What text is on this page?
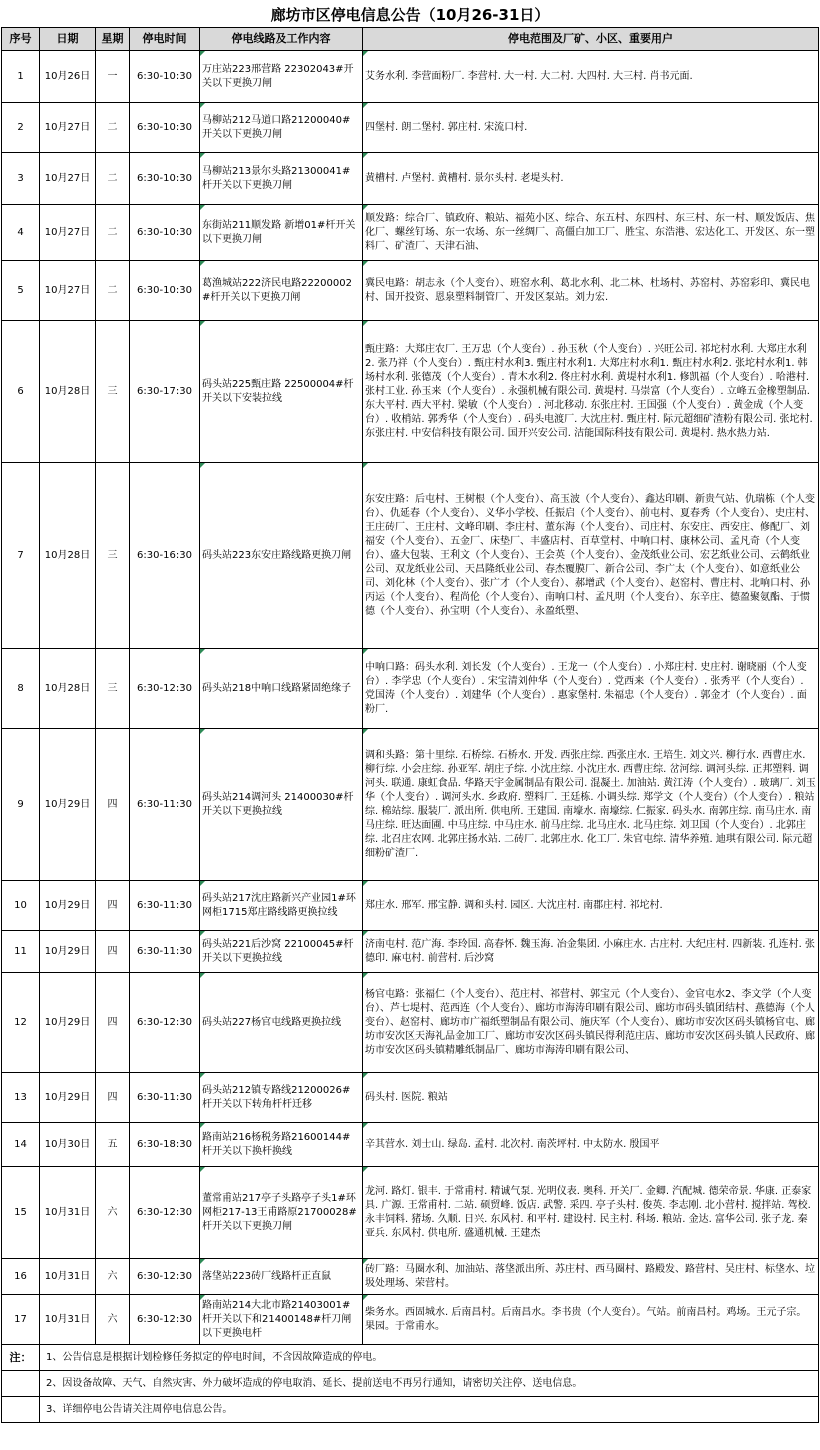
廊坊市区停电信息公告（10月26-31日）
序号	日期	星期	停电时间	停电线路及工作内容	停电范围及厂矿、小区、重要用户
1	10月26日	一	6:30-10:30	万庄站223邢营路 22302043#开关以下更换刀闸	艾务水利. 李营面粉厂. 李营村. 大一村. 大二村. 大四村. 大三村. 肖书元面.
2	10月27日	二	6:30-10:30	马柳站212马道口路21200040#开关以下更换刀闸	四堡村. 朗二堡村. 郭庄村. 宋流口村.
3	10月27日	二	6:30-10:30	马柳站213景尔头路21300041#杆开关以下更换刀闸	黄槽村. 卢堡村. 黄槽村. 景尔头村. 老堤头村.
4	10月27日	二	6:30-10:30	东街站211顺发路 新增01#杆开关以下更换刀闸	顺发路：综合厂、镇政府、粮站、福苑小区、综合、东五村、东四村、东三村、东一村、顺发饭店、焦化厂、螺丝钉场、东一农场、东一丝绸厂、高僵白加工厂、胜宝、东浩港、宏达化工、开发区、东一塑料厂、矿渣厂、天津石油、
5	10月27日	二	6:30-10:30	葛渔城站222济民电路22200002#杆开关以下更换刀闸	冀民电路：胡志永（个人变台）、班窑水利、葛北水利、北二林、杜场村、苏窑村、苏窑彩印、冀民电村、国开投资、恩泉塑料制管厂、开发区泵站。刘力宏.
6	10月28日	三	6:30-17:30	码头站225甄庄路 22500004#杆开关以下安装拉线	甄庄路：大郑庄农厂. 王万忠（个人变台）. 孙玉秋（个人变台）. 兴旺公司. 祁坨村水利. 大郑庄水利2. 张乃祥（个人变台）. 甄庄村水利3. 甄庄村水利1. 大郑庄村水利1. 甄庄村水利2. 张坨村水利1. 韩场村水利. 张德茂（个人变台）. 青木水利2. 佟庄村水利. 黄堤村水利1. 修凯福（个人变台）. 哈港村. 张村工业. 孙玉来（个人变台）. 永强机械有限公司. 黄堤村. 马崇富（个人变台）. 立峰五金橡塑制品. 东大平村. 西大平村. 梁敏（个人变台）. 河北移动. 东张庄村. 王国强（个人变台）. 黄金成（个人变台）. 收梢站. 郭秀华（个人变台）. 码头电渡厂. 大沈庄村. 甄庄村. 际元超细矿渣粉有限公司. 张坨村. 东张庄村. 中安信科技有限公司. 国开兴安公司. 洁能国际科技有限公司. 黄堤村. 热水热力站.
7	10月28日	三	6:30-16:30	码头站223东安庄路线路更换刀闸	东安庄路：后屯村、王树根（个人变台）、高玉波（个人变台）、鑫达印刷、新贵气站、仇瑞栋（个人变台）、仇延春（个人变台）、义华小学校、任振启（个人变台）、前屯村、夏春秀（个人变台）、史庄村、王庄砖厂、王庄村、文峰印刷、李庄村、董东海（个人变台）、司庄村、东安庄、西安庄、修配厂、刘福安（个人变台）、五金厂、床垫厂、丰盛店村、百草堂村、中响口村、康林公司、孟凡奇（个人变台）、盛大包装、王利文（个人变台）、王会英（个人变台）、金茂纸业公司、宏艺纸业公司、云鹤纸业公司、双龙纸业公司、天昌隆纸业公司、春杰覆膜厂、新合公司、李广太（个人变台）、如意纸业公司、刘化林（个人变台）、张广才（个人变台）、郝增武（个人变台）、赵窑村、曹庄村、北响口村、孙丙运（个人变台）、程尚伦（个人变台）、南响口村、孟凡明（个人变台）、东辛庄、德盈聚氨酯、于惯德（个人变台）、孙宝明（个人变台）、永盈纸塑、
8	10月28日	三	6:30-12:30	码头站218中响口线路紧固绝缘子	中响口路：码头水利. 刘长发（个人变台）. 王龙一（个人变台）. 小郑庄村. 史庄村. 谢晓丽（个人变台）. 李学忠（个人变台）. 宋宝清刘仲华（个人变台）. 党西来（个人变台）. 张秀平（个人变台）. 党国涛（个人变台）. 刘建华（个人变台）. 惠家堡村. 朱福忠（个人变台）. 郭金才（个人变台）. 面粉厂.
9	10月29日	四	6:30-11:30	码头站214调河头 21400030#杆开关以下更换拉线	调和头路：第十里综. 石桥综. 石桥水. 开发. 西张庄综. 西张庄水. 王培生. 刘文兴. 柳行水. 西曹庄水. 柳行综. 小会庄综. 孙亚军. 胡庄子综. 小沈庄综. 小沈庄水. 西曹庄综. 岔河综. 调河头综. 正邦塑料. 调河头. 联通. 康虹食品. 华路天宇金属制品有限公司. 混凝土. 加油站. 黄江涛（个人变台）. 玻璃厂. 刘玉华（个人变台）. 调河头水. 乡政府. 塑料厂. 王廷栋. 小调头综. 郑学文（个人变台）（个人变台）. 粮站综. 棉站综. 服装厂. 派出所. 供电所. 王建国. 南壕水. 南壕综. 仁振家. 码头水. 南郭庄综. 南马庄水. 南马庄综. 旺达面圃. 中马庄综. 中马庄水. 前马庄综. 北马庄水. 北马庄综. 刘卫国（个人变台）. 北郭庄综. 北召庄农网. 北郭庄扬水站. 二砖厂. 北郭庄水. 化工厂. 朱官屯综. 清华养殖. 迪琪有限公司. 际元超细粉矿渣厂.
10	10月29日	四	6:30-11:30	码头站217沈庄路新兴产业园1#环网柜1715郑庄路线路更换拉线	郑庄水. 邢军. 邢宝静. 调和头村. 园区. 大沈庄村. 南郡庄村. 祁坨村.
11	10月29日	四	6:30-11:30	码头站221后沙窝 22100045#杆开关以下更换拉线	济南屯村. 范广海. 李玲国. 高春怀. 魏玉海. 冶金集团. 小麻庄水. 古庄村. 大纪庄村. 四新装. 孔连村. 张德印. 麻屯村. 前营村. 后沙窝
12	10月29日	四	6:30-12:30	码头站227杨官屯线路更换拉线	杨官屯路：张福仁（个人变台）、范庄村、祁营村、郭宝元（个人变台）、金官屯水2、李文学（个人变台）、芦七堤村、范西连（个人变台）、廊坊市海涛印刷有限公司、廊坊市码头镇团结村、燕德海（个人变台）、赵窑村、廊坊市广福纸塑制品有限公司、施庆军（个人变台）、廊坊市安次区码头镇杨官屯、廊坊市安次区天海礼品金加工厂、廊坊市安次区码头镇民得利范庄店、廊坊市安次区码头镇人民政府、廊坊市安次区码头镇精雕纸制品厂、廊坊市海涛印刷有限公司、
13	10月29日	四	6:30-11:30	码头站212镇专路线21200026#杆开关以下转角杆杆迁移	码头村. 医院. 粮站
14	10月30日	五	6:30-18:30	路南站216杨税务路21600144#杆开关以下换杆换线	辛其营水. 刘士山. 绿岛. 孟村. 北次村. 南茨坪村. 中太防水. 殷国平
15	10月31日	六	6:30-12:30	董常甫站217亭子头路亭子头1#环网柜217-13王甫路原21700028#杆开关以下更换刀闸	龙河. 路灯. 银丰. 于常甫村. 精诚气泵. 光明仪表. 奥科. 开关厂. 金卿. 汽配城. 德荣帝景. 华康. 正泰家具. 广源. 王常甫村. 二站. 硕贸峰. 饭店. 武警. 采四. 亭子头村. 俊英. 李志刚. 北小营村. 搅拌站. 驾校. 永丰饲料. 猪场. 久顺. 日兴. 东风村. 和平村. 建设村. 民主村. 科场. 粮站. 金达. 富华公司. 张子龙. 秦亚兵. 东风村. 供电所. 盛通机械. 王建杰
16	10月31日	六	6:30-12:30	落垡站223砖厂线路杆正直鼠	砖厂路：马圈水利、加油站、落垡派出所、苏庄村、西马圈村、路殿发、路营村、吴庄村、标垡水、垃圾处理场、荣营村。
17	10月31日	六	6:30-12:30	路南站214大北市路21403001#杆开关以下和21400148#杆刀闸以下更换电杆	柴务水。西固城水. 后南昌村。后南昌水。李书贵（个人变台）。气站。前南昌村。鸡场。王元子宗。果园。于常甫水。
注：	1、公告信息是根据计划检修任务拟定的停电时间，不含因故障造成的停电。				
	2、因设备故障、天气、自然灾害、外力破坏造成的停电取消、延长、提前送电不再另行通知，请密切关注停、送电信息。				
	3、详细停电公告请关注周停电信息公告。				
